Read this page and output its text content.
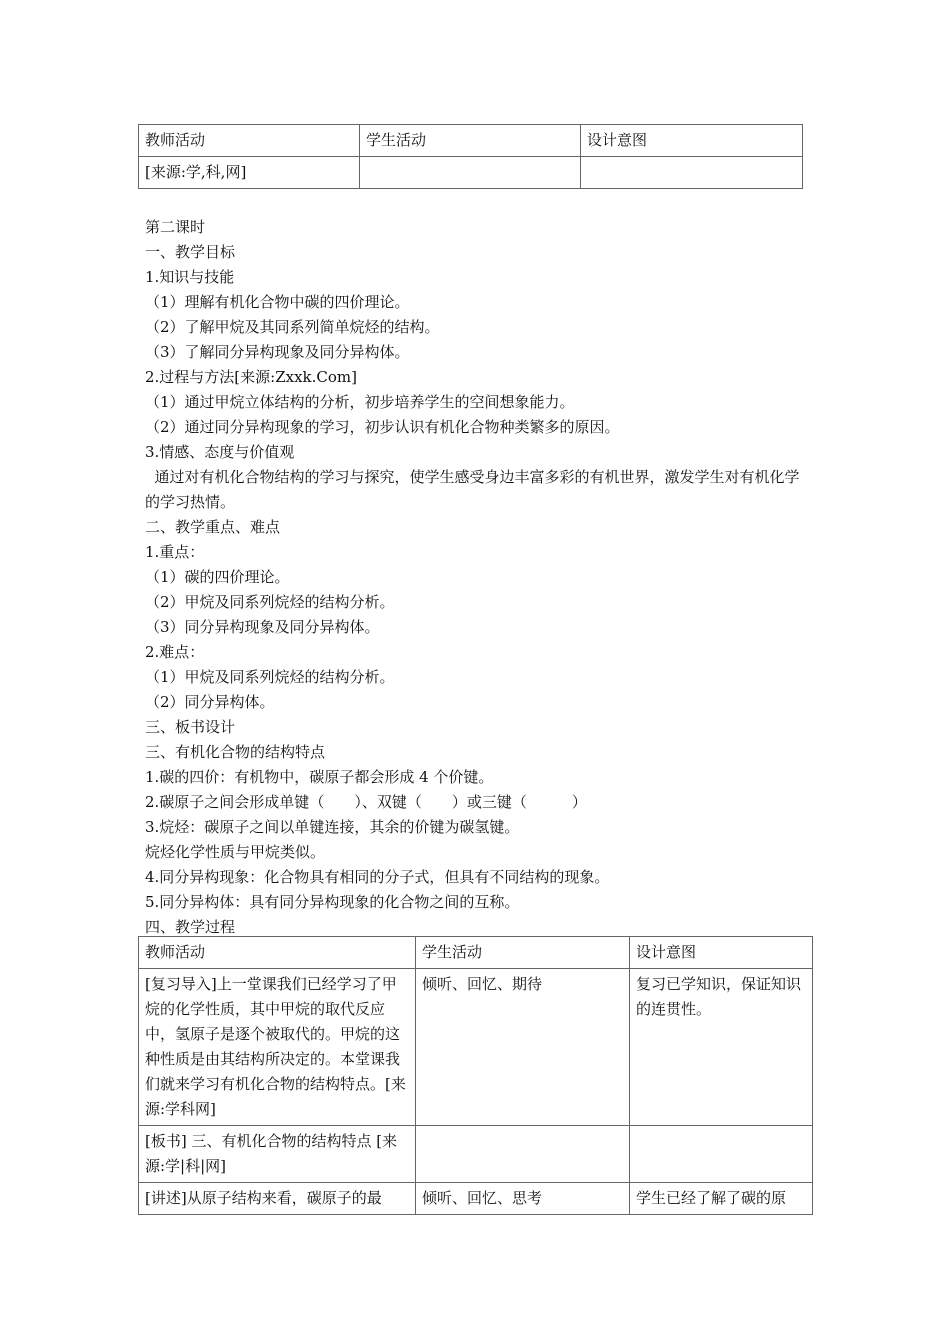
教师活动	学生活动	设计意图
[来源:学,科,网]		
第二课时
一、教学目标
1.知识与技能
（1）理解有机化合物中碳的四价理论。
（2）了解甲烷及其同系列简单烷烃的结构。
（3）了解同分异构现象及同分异构体。
2.过程与方法[来源:Zxxk.Com]
（1）通过甲烷立体结构的分析，初步培养学生的空间想象能力。
（2）通过同分异构现象的学习，初步认识有机化合物种类繁多的原因。
3.情感、态度与价值观
通过对有机化合物结构的学习与探究，使学生感受身边丰富多彩的有机世界，激发学生对有机化学的学习热情。
二、教学重点、难点
1.重点：
（1）碳的四价理论。
（2）甲烷及同系列烷烃的结构分析。
（3）同分异构现象及同分异构体。
2.难点：
（1）甲烷及同系列烷烃的结构分析。
（2）同分异构体。
三、板书设计
三、有机化合物的结构特点
1.碳的四价：有机物中，碳原子都会形成 4 个价键。
2.碳原子之间会形成单键（　　）、双键（　　）或三键（　　　）
3.烷烃：碳原子之间以单键连接，其余的价键为碳氢键。
烷烃化学性质与甲烷类似。
4.同分异构现象：化合物具有相同的分子式，但具有不同结构的现象。
5.同分异构体：具有同分异构现象的化合物之间的互称。
四、教学过程
教师活动	学生活动	设计意图
[复习导入]上一堂课我们已经学习了甲烷的化学性质，其中甲烷的取代反应中，氢原子是逐个被取代的。甲烷的这种性质是由其结构所决定的。本堂课我们就来学习有机化合物的结构特点。[来源:学科网]	倾听、回忆、期待	复习已学知识，保证知识的连贯性。
[板书] 三、有机化合物的结构特点 [来源:学|科|网]		
[讲述]从原子结构来看，碳原子的最	倾听、回忆、思考	学生已经了解了碳的原
